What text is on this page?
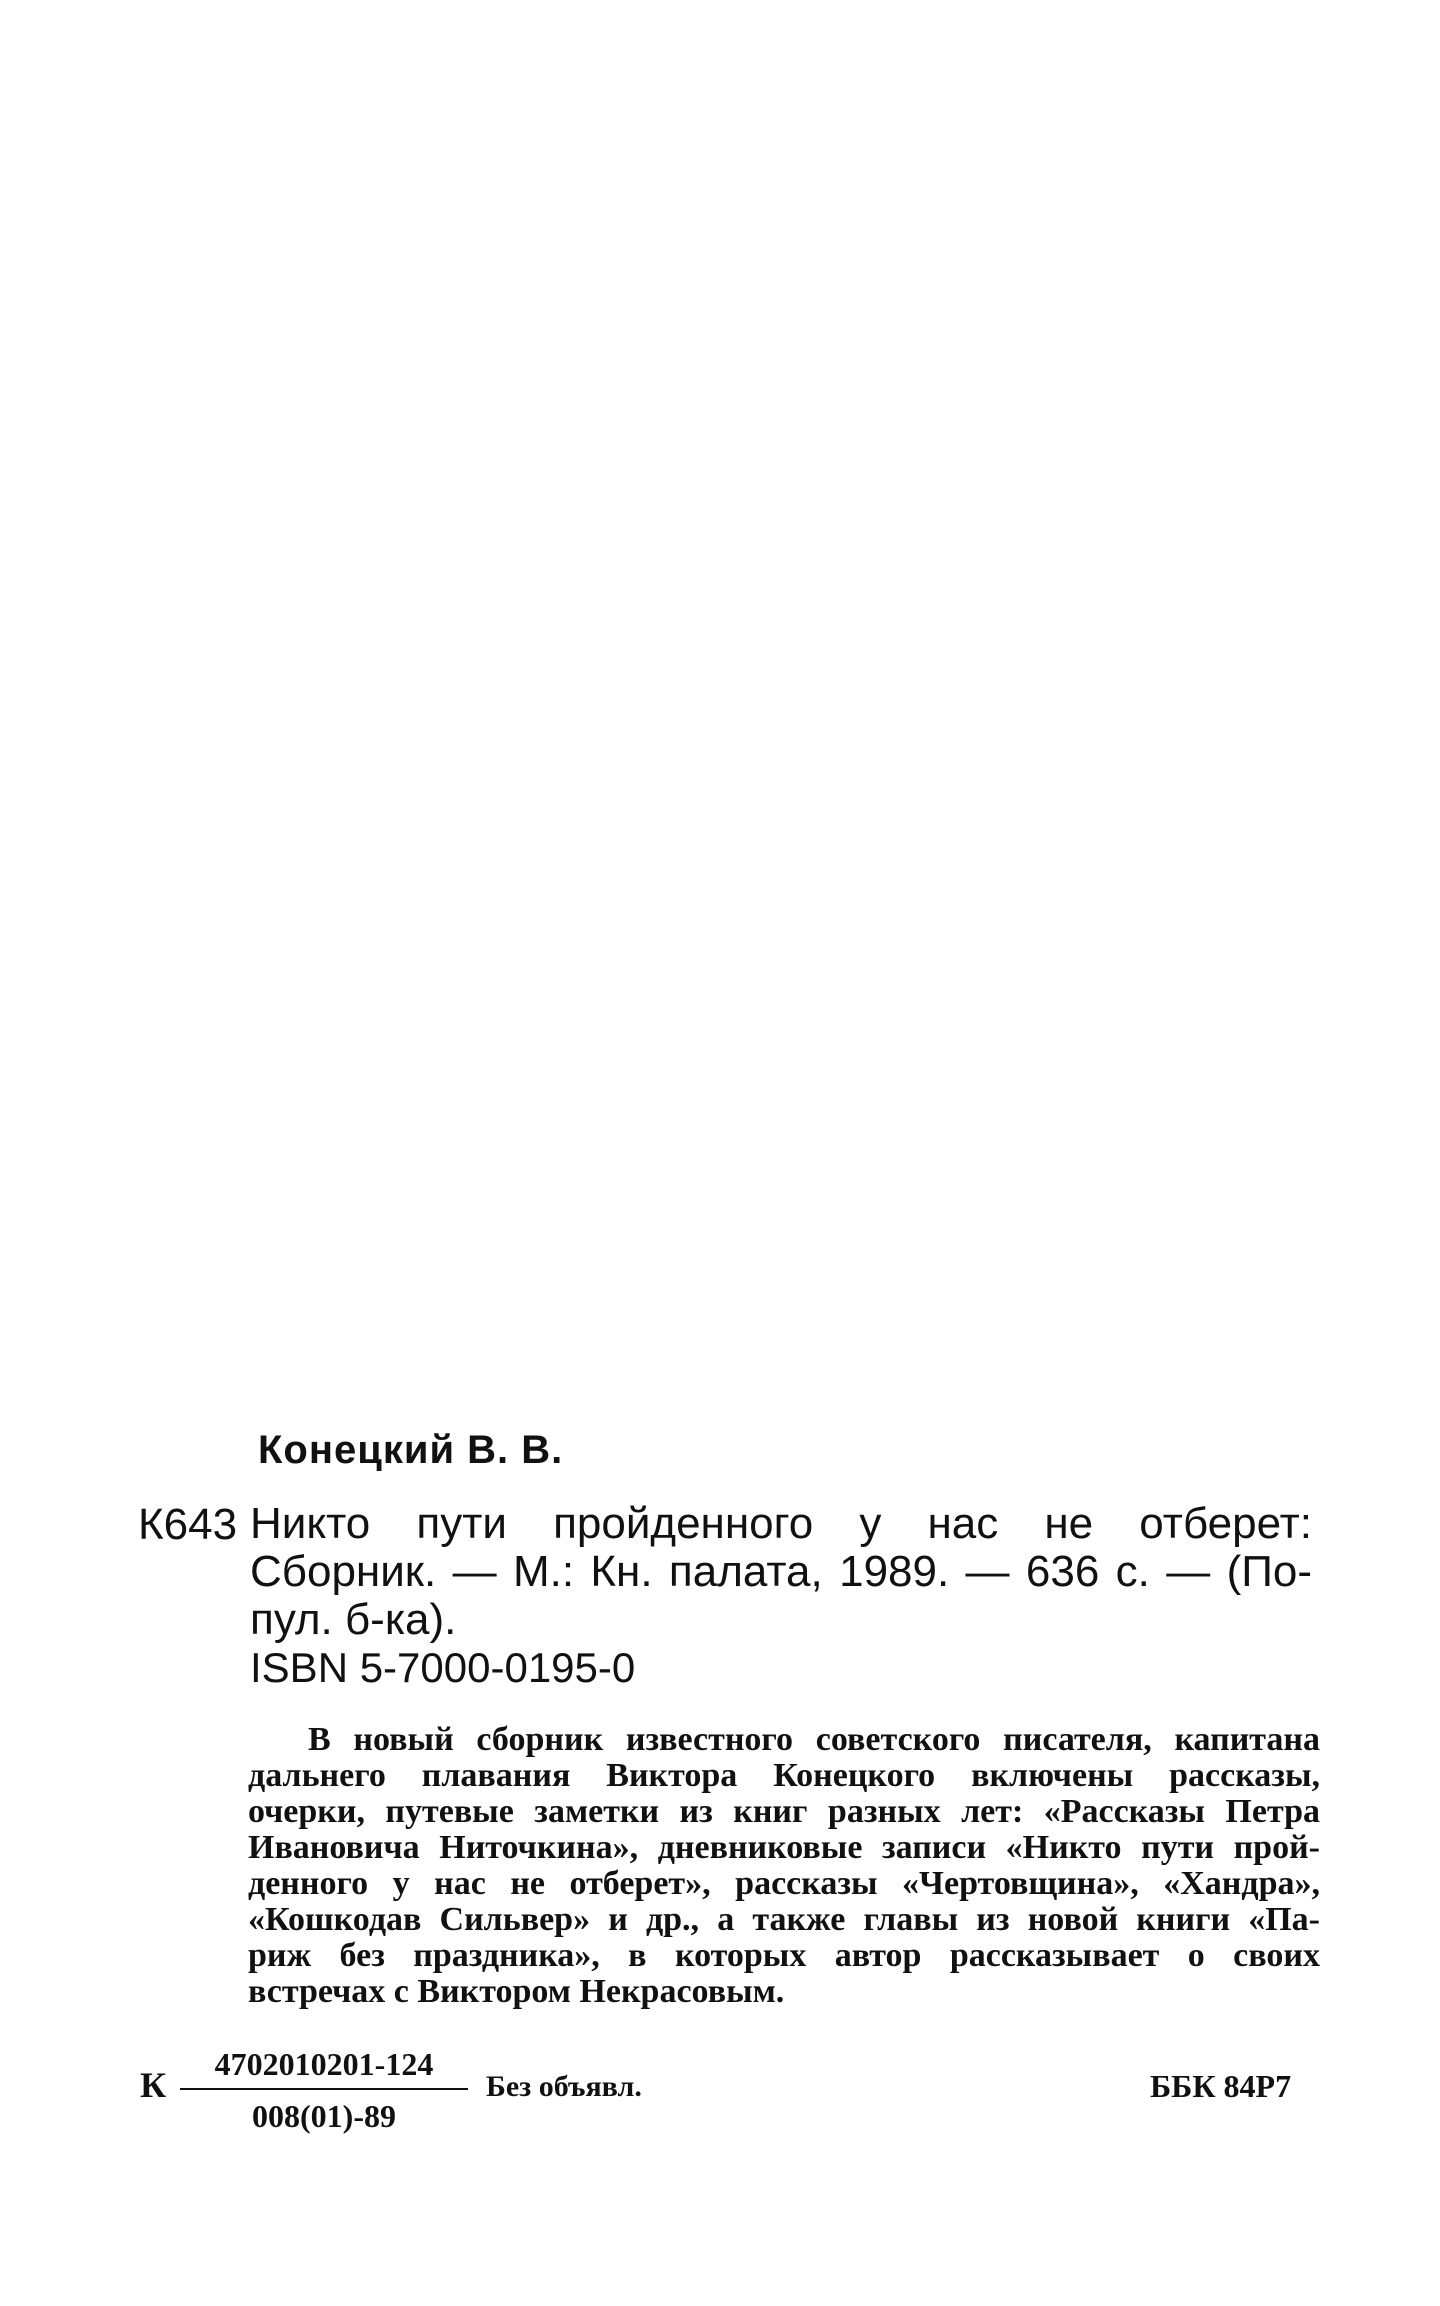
Конецкий В. В.
К643 Никто пути пройденного у нас не отберет:
Сборник. — М.: Кн. палата, 1989. — 636 с. — (По-
пул. б-ка).
ISBN 5-7000-0195-0
В новый сборник известного советского писателя, капитана
дальнего плавания Виктора Конецкого включены рассказы,
очерки, путевые заметки из книг разных лет: «Рассказы Петра
Ивановича Ниточкина», дневниковые записи «Никто пути прой-
денного у нас не отберет», рассказы «Чертовщина», «Хандра»,
«Кошкодав Сильвер» и др., а также главы из новой книги «Па-
риж без праздника», в которых автор рассказывает о своих
встречах с Виктором Некрасовым.
К $\frac{4702010201-124}{008(01)-89}$ Без объявл.	ББК 84Р7
